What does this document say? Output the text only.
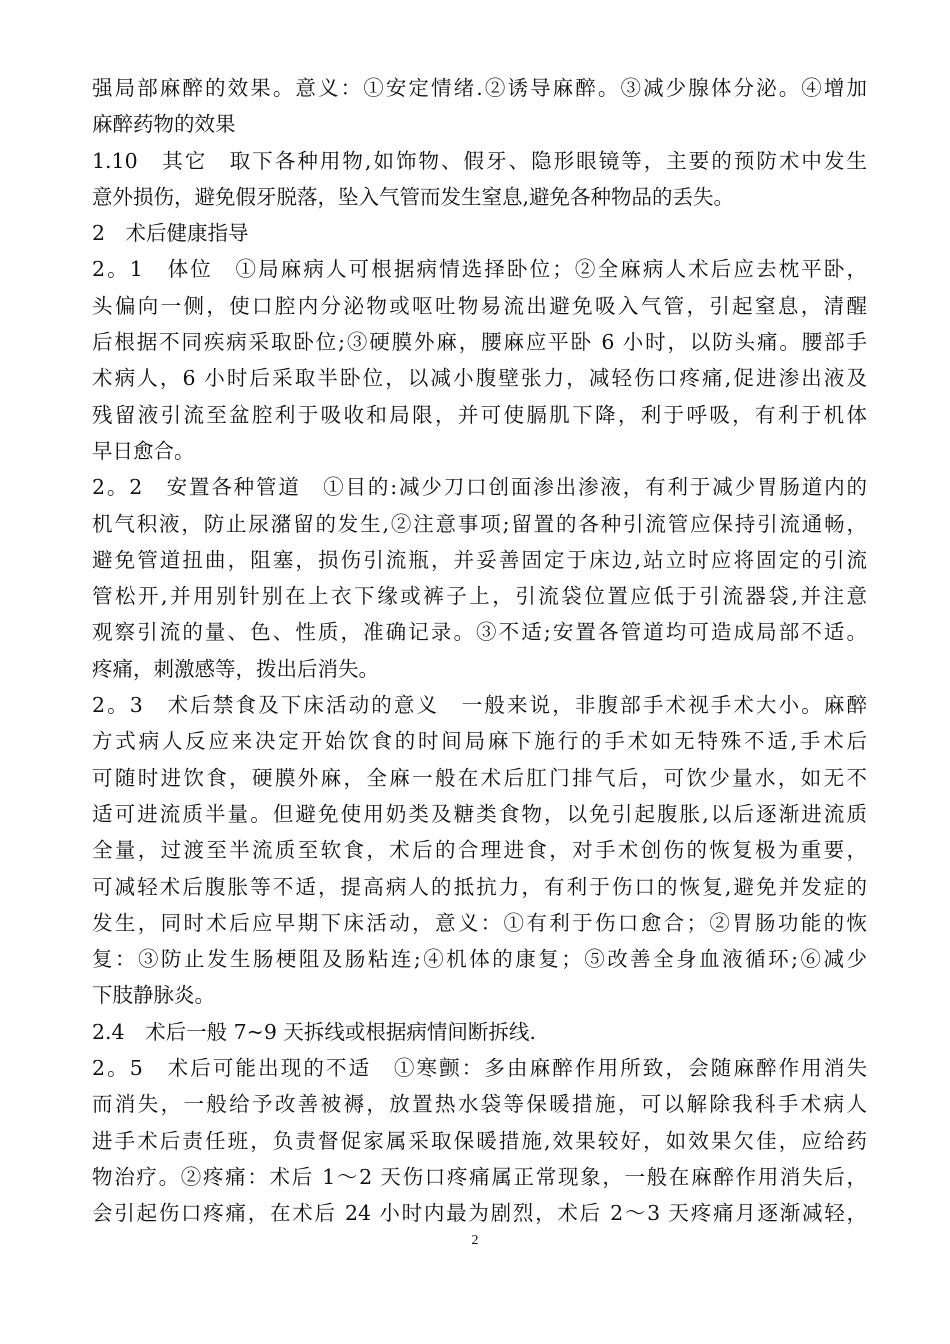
强局部麻醉的效果。意义：①安定情绪.②诱导麻醉。③减少腺体分泌。④增加
麻醉药物的效果
1.10　其它　取下各种用物,如饰物、假牙、隐形眼镜等，主要的预防术中发生
意外损伤，避免假牙脱落，坠入气管而发生窒息,避免各种物品的丢失。
2　术后健康指导
2。1　体位　①局麻病人可根据病情选择卧位；②全麻病人术后应去枕平卧，
头偏向一侧，使口腔内分泌物或呕吐物易流出避免吸入气管，引起窒息，清醒
后根据不同疾病采取卧位;③硬膜外麻，腰麻应平卧 6 小时，以防头痛。腰部手
术病人，6 小时后采取半卧位，以减小腹壁张力，减轻伤口疼痛,促进渗出液及
残留液引流至盆腔利于吸收和局限，并可使膈肌下降，利于呼吸，有利于机体
早日愈合。
2。2　安置各种管道　①目的:减少刀口创面渗出渗液，有利于减少胃肠道内的
机气积液，防止尿潴留的发生,②注意事项;留置的各种引流管应保持引流通畅，
避免管道扭曲，阻塞，损伤引流瓶，并妥善固定于床边,站立时应将固定的引流
管松开,并用别针别在上衣下缘或裤子上，引流袋位置应低于引流器袋,并注意
观察引流的量、色、性质，准确记录。③不适;安置各管道均可造成局部不适。
疼痛，刺激感等，拨出后消失。
2。3　术后禁食及下床活动的意义　一般来说，非腹部手术视手术大小。麻醉
方式病人反应来决定开始饮食的时间局麻下施行的手术如无特殊不适,手术后
可随时进饮食，硬膜外麻，全麻一般在术后肛门排气后，可饮少量水，如无不
适可进流质半量。但避免使用奶类及糖类食物，以免引起腹胀,以后逐渐进流质
全量，过渡至半流质至软食，术后的合理进食，对手术创伤的恢复极为重要，
可减轻术后腹胀等不适，提高病人的抵抗力，有利于伤口的恢复,避免并发症的
发生，同时术后应早期下床活动，意义：①有利于伤口愈合；②胃肠功能的恢
复：③防止发生肠梗阻及肠粘连;④机体的康复；⑤改善全身血液循环;⑥减少
下肢静脉炎。
2.4　术后一般 7~9 天拆线或根据病情间断拆线.
2。5　术后可能出现的不适　①寒颤：多由麻醉作用所致，会随麻醉作用消失
而消失，一般给予改善被褥，放置热水袋等保暖措施，可以解除我科手术病人
进手术后责任班，负责督促家属采取保暖措施,效果较好，如效果欠佳，应给药
物治疗。②疼痛：术后 1～2 天伤口疼痛属正常现象，一般在麻醉作用消失后，
会引起伤口疼痛，在术后 24 小时内最为剧烈，术后 2～3 天疼痛月逐渐减轻，
2
